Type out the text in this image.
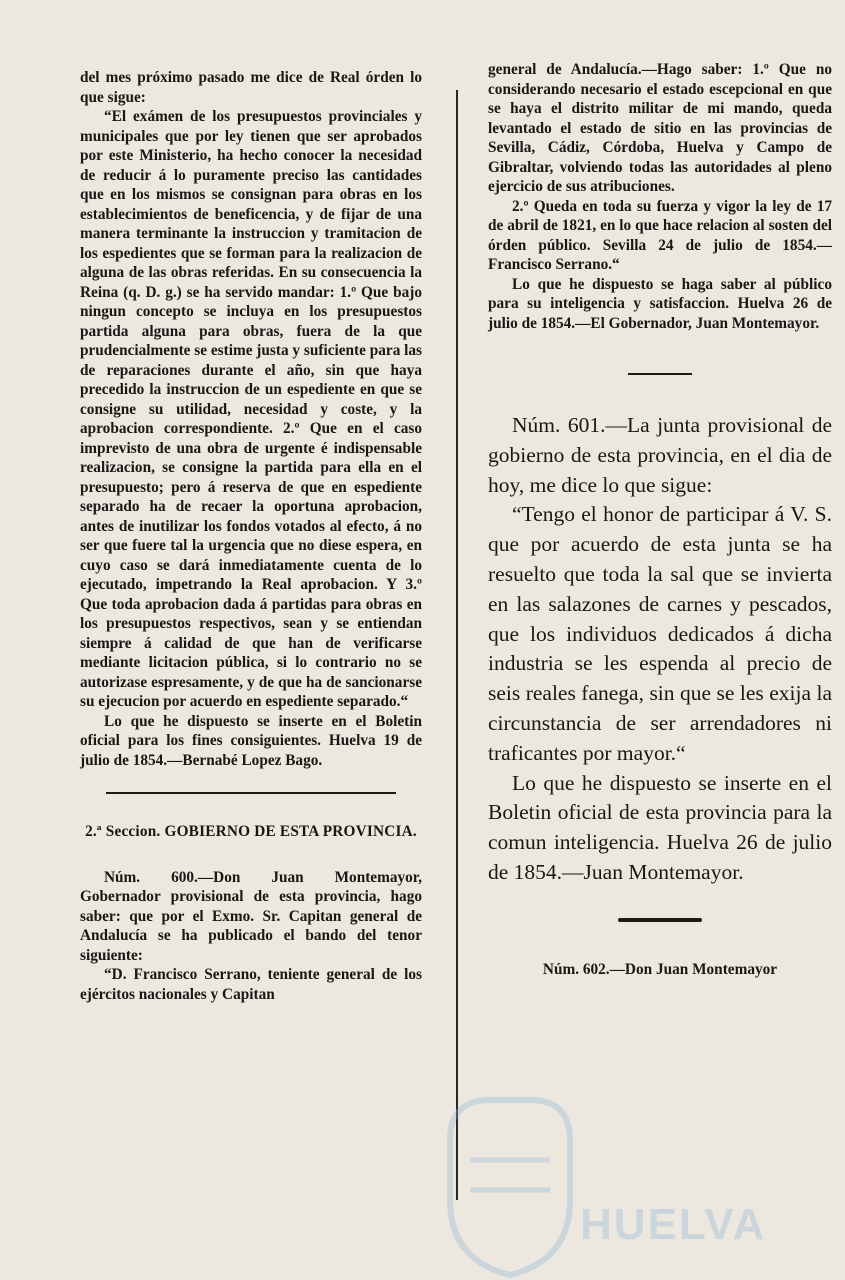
del mes próximo pasado me dice de Real órden lo que sigue:

“El exámen de los presupuestos provinciales y municipales que por ley tienen que ser aprobados por este Ministerio, ha hecho conocer la necesidad de reducir á lo puramente preciso las cantidades que en los mismos se consignan para obras en los establecimientos de beneficencia, y de fijar de una manera terminante la instruccion y tramitacion de los espedientes que se forman para la realizacion de alguna de las obras referidas. En su consecuencia la Reina (q. D. g.) se ha servido mandar: 1.º Que bajo ningun concepto se incluya en los presupuestos partida alguna para obras, fuera de la que prudencialmente se estime justa y suficiente para las de reparaciones durante el año, sin que haya precedido la instruccion de un espediente en que se consigne su utilidad, necesidad y coste, y la aprobacion correspondiente. 2.º Que en el caso imprevisto de una obra de urgente é indispensable realizacion, se consigne la partida para ella en el presupuesto; pero á reserva de que en espediente separado ha de recaer la oportuna aprobacion, antes de inutilizar los fondos votados al efecto, á no ser que fuere tal la urgencia que no diese espera, en cuyo caso se dará inmediatamente cuenta de lo ejecutado, impetrando la Real aprobacion. Y 3.º Que toda aprobacion dada á partidas para obras en los presupuestos respectivos, sean y se entiendan siempre á calidad de que han de verificarse mediante licitacion pública, si lo contrario no se autorizase espresamente, y de que ha de sancionarse su ejecucion por acuerdo en espediente separado.“

Lo que he dispuesto se inserte en el Boletin oficial para los fines consiguientes. Huelva 19 de julio de 1854.—Bernabé Lopez Bago.

2.ª Seccion. GOBIERNO DE ESTA PROVINCIA.

Núm. 600.—Don Juan Montemayor, Gobernador provisional de esta provincia, hago saber: que por el Exmo. Sr. Capitan general de Andalucía se ha publicado el bando del tenor siguiente:

“D. Francisco Serrano, teniente general de los ejércitos nacionales y Capitan

general de Andalucía.—Hago saber: 1.º Que no considerando necesario el estado escepcional en que se haya el distrito militar de mi mando, queda levantado el estado de sitio en las provincias de Sevilla, Cádiz, Córdoba, Huelva y Campo de Gibraltar, volviendo todas las autoridades al pleno ejercicio de sus atribuciones.

2.º Queda en toda su fuerza y vigor la ley de 17 de abril de 1821, en lo que hace relacion al sosten del órden público. Sevilla 24 de julio de 1854.—Francisco Serrano.“

Lo que he dispuesto se haga saber al público para su inteligencia y satisfaccion. Huelva 26 de julio de 1854.—El Gobernador, Juan Montemayor.

Núm. 601.—La junta provisional de gobierno de esta provincia, en el dia de hoy, me dice lo que sigue:

“Tengo el honor de participar á V. S. que por acuerdo de esta junta se ha resuelto que toda la sal que se invierta en las salazones de carnes y pescados, que los individuos dedicados á dicha industria se les espenda al precio de seis reales fanega, sin que se les exija la circunstancia de ser arrendadores ni traficantes por mayor.“

Lo que he dispuesto se inserte en el Boletin oficial de esta provincia para la comun inteligencia. Huelva 26 de julio de 1854.—Juan Montemayor.

Núm. 602.—Don Juan Montemayor

HUELVA
